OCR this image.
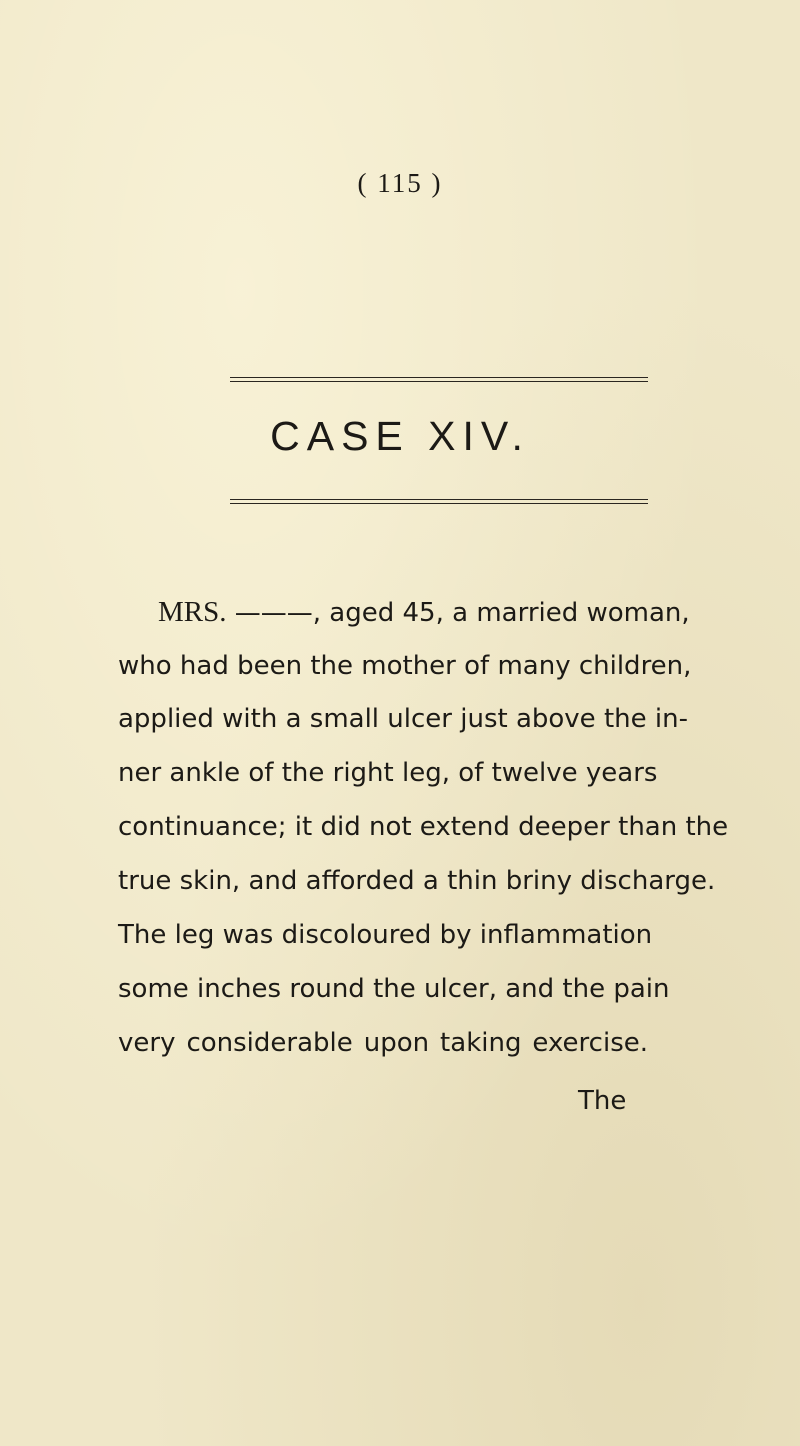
( 115 )
CASE XIV.
MRS. ———, aged 45, a married woman,
who had been the mother of many children,
applied with a small ulcer just above the in-
ner ankle of the right leg, of twelve years
continuance; it did not extend deeper than the
true skin, and afforded a thin briny discharge.
The leg was discoloured by inflammation
some inches round the ulcer, and the pain
very considerable upon taking exercise.
The
